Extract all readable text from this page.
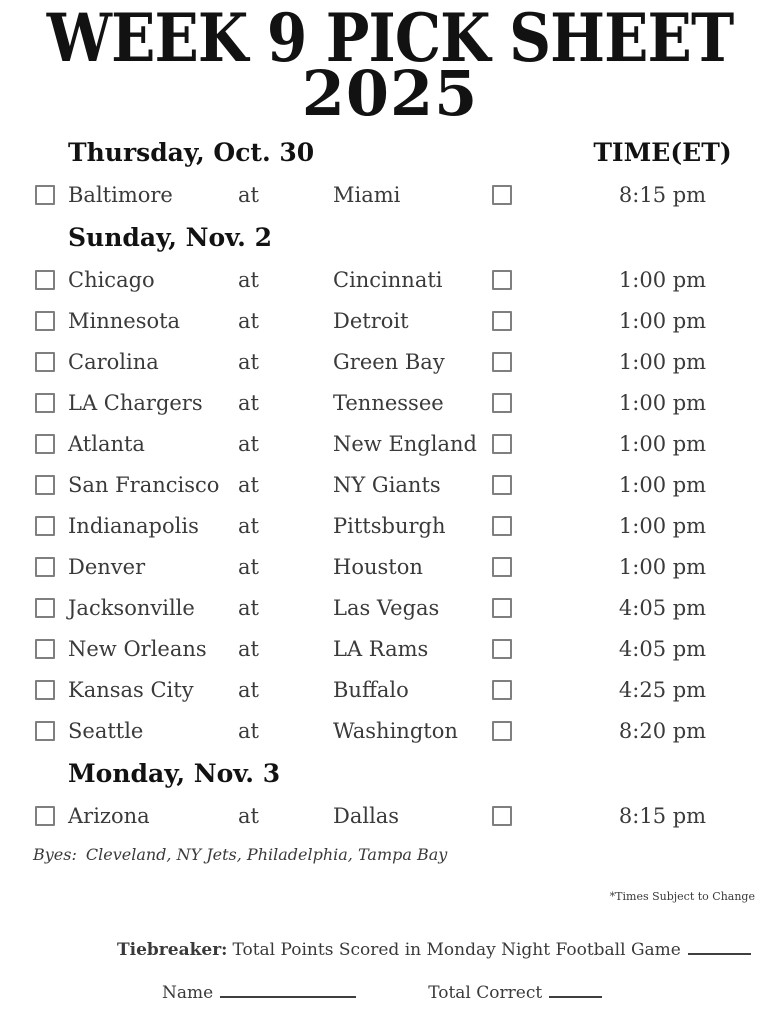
WEEK 9 PICK SHEET
2025
Thursday, Oct. 30	TIME(ET)
Baltimore	at	Miami	8:15 pm
Sunday, Nov. 2
Chicago	at	Cincinnati	1:00 pm
Minnesota	at	Detroit	1:00 pm
Carolina	at	Green Bay	1:00 pm
LA Chargers	at	Tennessee	1:00 pm
Atlanta	at	New England	1:00 pm
San Francisco at	NY Giants	1:00 pm
Indianapolis	at	Pittsburgh	1:00 pm
Denver	at	Houston	1:00 pm
Jacksonville	at	Las Vegas	4:05 pm
New Orleans	at	LA Rams	4:05 pm
Kansas City	at	Buffalo	4:25 pm
Seattle	at	Washington	8:20 pm
Monday, Nov. 3
Arizona	at	Dallas	8:15 pm
Byes: Cleveland, NY Jets, Philadelphia, Tampa Bay
*Times Subject to Change
Tiebreaker: Total Points Scored in Monday Night Football Game
Name	Total Correct
